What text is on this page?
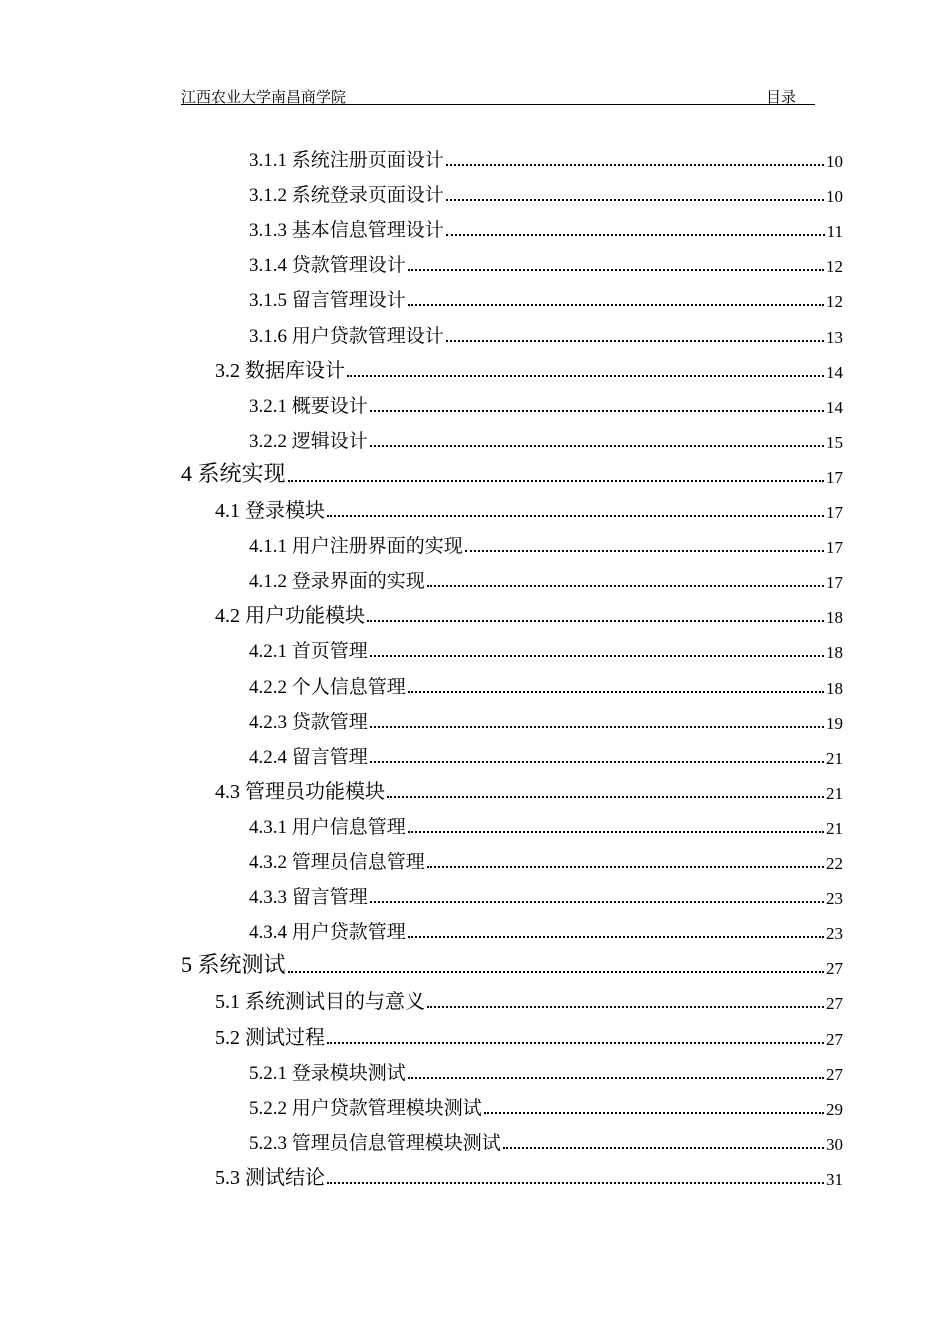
江西农业大学南昌商学院	目录
3.1.1 系统注册页面设计	10
3.1.2 系统登录页面设计	10
3.1.3 基本信息管理设计	11
3.1.4 贷款管理设计	12
3.1.5 留言管理设计	12
3.1.6 用户贷款管理设计	13
3.2 数据库设计	14
3.2.1 概要设计	14
3.2.2 逻辑设计	15
4 系统实现	17
4.1 登录模块	17
4.1.1 用户注册界面的实现	17
4.1.2 登录界面的实现	17
4.2 用户功能模块	18
4.2.1 首页管理	18
4.2.2 个人信息管理	18
4.2.3 贷款管理	19
4.2.4 留言管理	21
4.3 管理员功能模块	21
4.3.1 用户信息管理	21
4.3.2 管理员信息管理	22
4.3.3 留言管理	23
4.3.4 用户贷款管理	23
5 系统测试	27
5.1 系统测试目的与意义	27
5.2 测试过程	27
5.2.1 登录模块测试	27
5.2.2 用户贷款管理模块测试	29
5.2.3 管理员信息管理模块测试	30
5.3 测试结论	31
